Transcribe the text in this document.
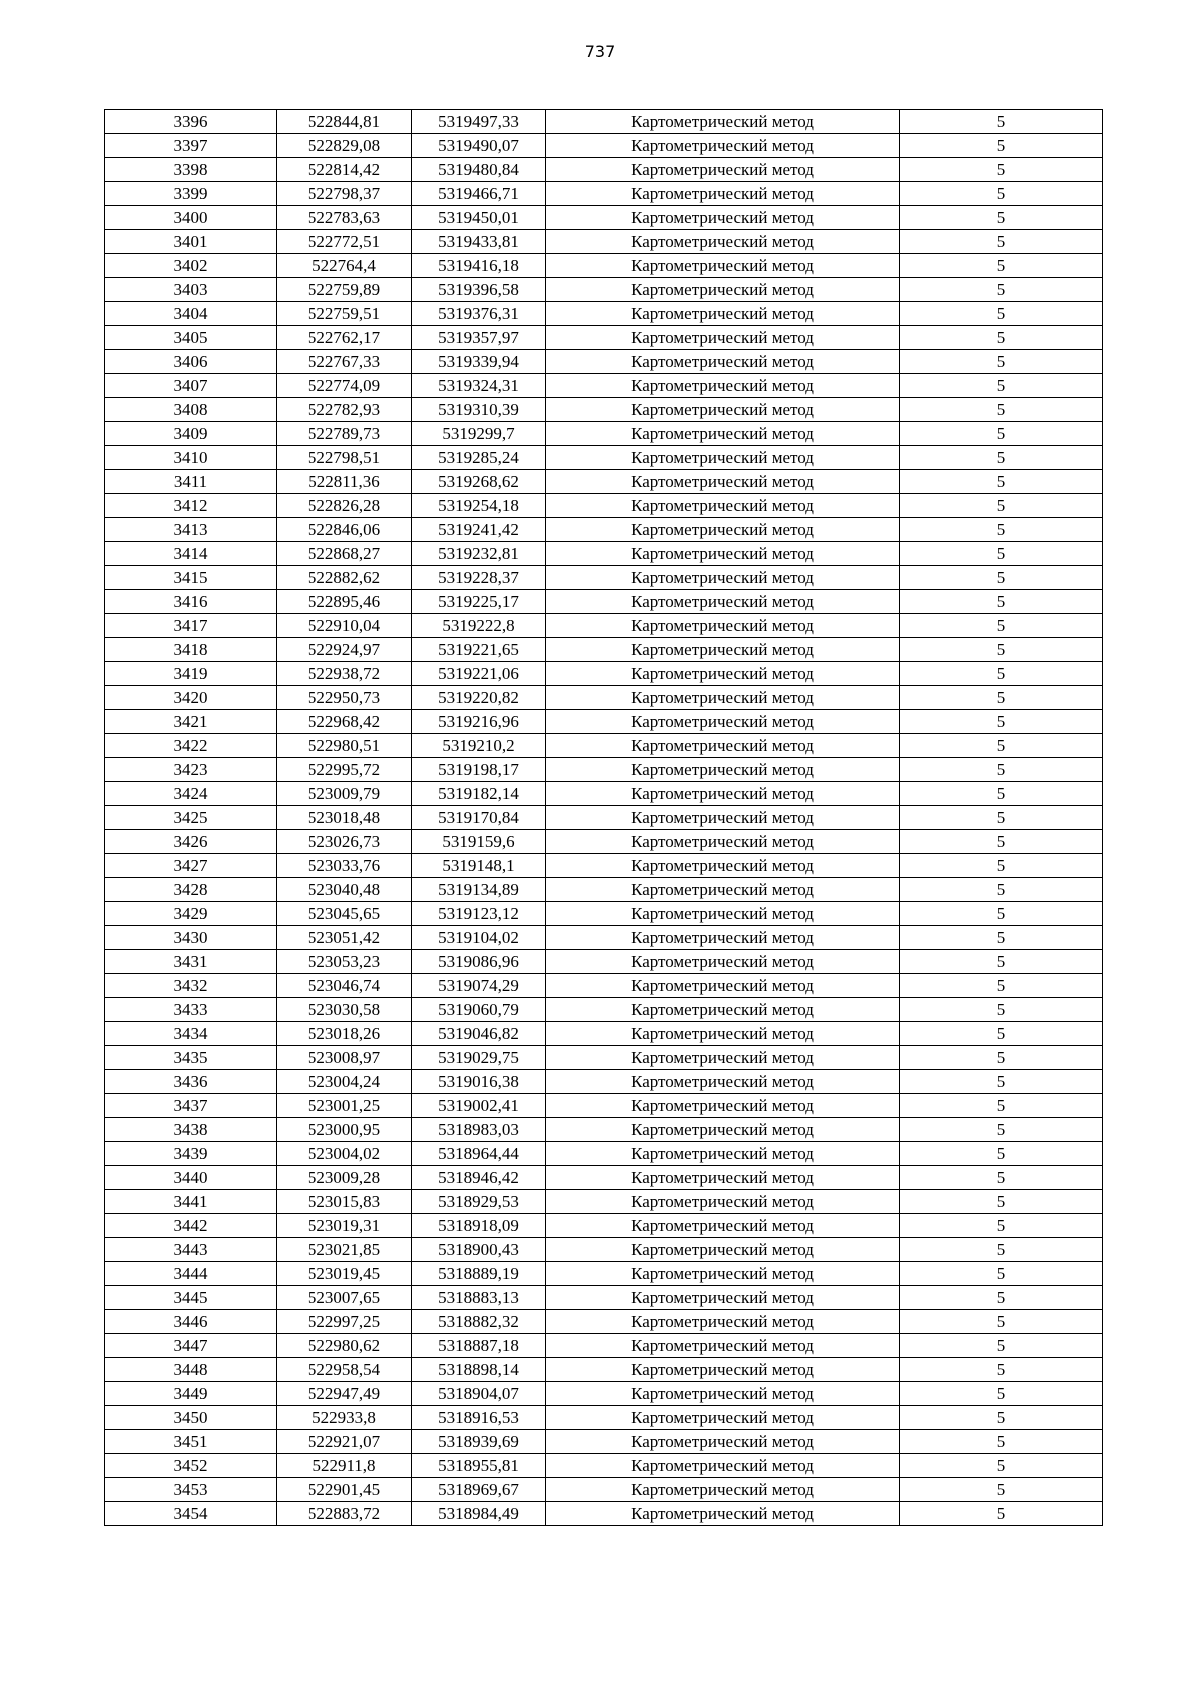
737
3396	522844,81	5319497,33	Картометрический метод	5
3397	522829,08	5319490,07	Картометрический метод	5
3398	522814,42	5319480,84	Картометрический метод	5
3399	522798,37	5319466,71	Картометрический метод	5
3400	522783,63	5319450,01	Картометрический метод	5
3401	522772,51	5319433,81	Картометрический метод	5
3402	522764,4	5319416,18	Картометрический метод	5
3403	522759,89	5319396,58	Картометрический метод	5
3404	522759,51	5319376,31	Картометрический метод	5
3405	522762,17	5319357,97	Картометрический метод	5
3406	522767,33	5319339,94	Картометрический метод	5
3407	522774,09	5319324,31	Картометрический метод	5
3408	522782,93	5319310,39	Картометрический метод	5
3409	522789,73	5319299,7	Картометрический метод	5
3410	522798,51	5319285,24	Картометрический метод	5
3411	522811,36	5319268,62	Картометрический метод	5
3412	522826,28	5319254,18	Картометрический метод	5
3413	522846,06	5319241,42	Картометрический метод	5
3414	522868,27	5319232,81	Картометрический метод	5
3415	522882,62	5319228,37	Картометрический метод	5
3416	522895,46	5319225,17	Картометрический метод	5
3417	522910,04	5319222,8	Картометрический метод	5
3418	522924,97	5319221,65	Картометрический метод	5
3419	522938,72	5319221,06	Картометрический метод	5
3420	522950,73	5319220,82	Картометрический метод	5
3421	522968,42	5319216,96	Картометрический метод	5
3422	522980,51	5319210,2	Картометрический метод	5
3423	522995,72	5319198,17	Картометрический метод	5
3424	523009,79	5319182,14	Картометрический метод	5
3425	523018,48	5319170,84	Картометрический метод	5
3426	523026,73	5319159,6	Картометрический метод	5
3427	523033,76	5319148,1	Картометрический метод	5
3428	523040,48	5319134,89	Картометрический метод	5
3429	523045,65	5319123,12	Картометрический метод	5
3430	523051,42	5319104,02	Картометрический метод	5
3431	523053,23	5319086,96	Картометрический метод	5
3432	523046,74	5319074,29	Картометрический метод	5
3433	523030,58	5319060,79	Картометрический метод	5
3434	523018,26	5319046,82	Картометрический метод	5
3435	523008,97	5319029,75	Картометрический метод	5
3436	523004,24	5319016,38	Картометрический метод	5
3437	523001,25	5319002,41	Картометрический метод	5
3438	523000,95	5318983,03	Картометрический метод	5
3439	523004,02	5318964,44	Картометрический метод	5
3440	523009,28	5318946,42	Картометрический метод	5
3441	523015,83	5318929,53	Картометрический метод	5
3442	523019,31	5318918,09	Картометрический метод	5
3443	523021,85	5318900,43	Картометрический метод	5
3444	523019,45	5318889,19	Картометрический метод	5
3445	523007,65	5318883,13	Картометрический метод	5
3446	522997,25	5318882,32	Картометрический метод	5
3447	522980,62	5318887,18	Картометрический метод	5
3448	522958,54	5318898,14	Картометрический метод	5
3449	522947,49	5318904,07	Картометрический метод	5
3450	522933,8	5318916,53	Картометрический метод	5
3451	522921,07	5318939,69	Картометрический метод	5
3452	522911,8	5318955,81	Картометрический метод	5
3453	522901,45	5318969,67	Картометрический метод	5
3454	522883,72	5318984,49	Картометрический метод	5
